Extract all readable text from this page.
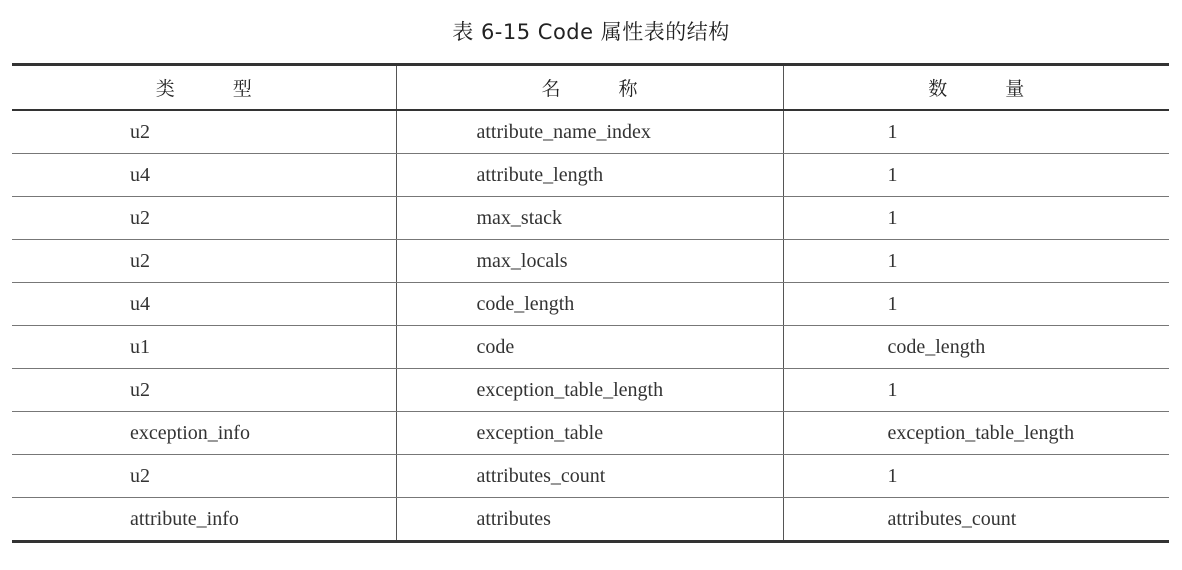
表 6-15 Code 属性表的结构
类 型	名 称	数 量
u2	attribute_name_index	1
u4	attribute_length	1
u2	max_stack	1
u2	max_locals	1
u4	code_length	1
u1	code	code_length
u2	exception_table_length	1
exception_info	exception_table	exception_table_length
u2	attributes_count	1
attribute_info	attributes	attributes_count
